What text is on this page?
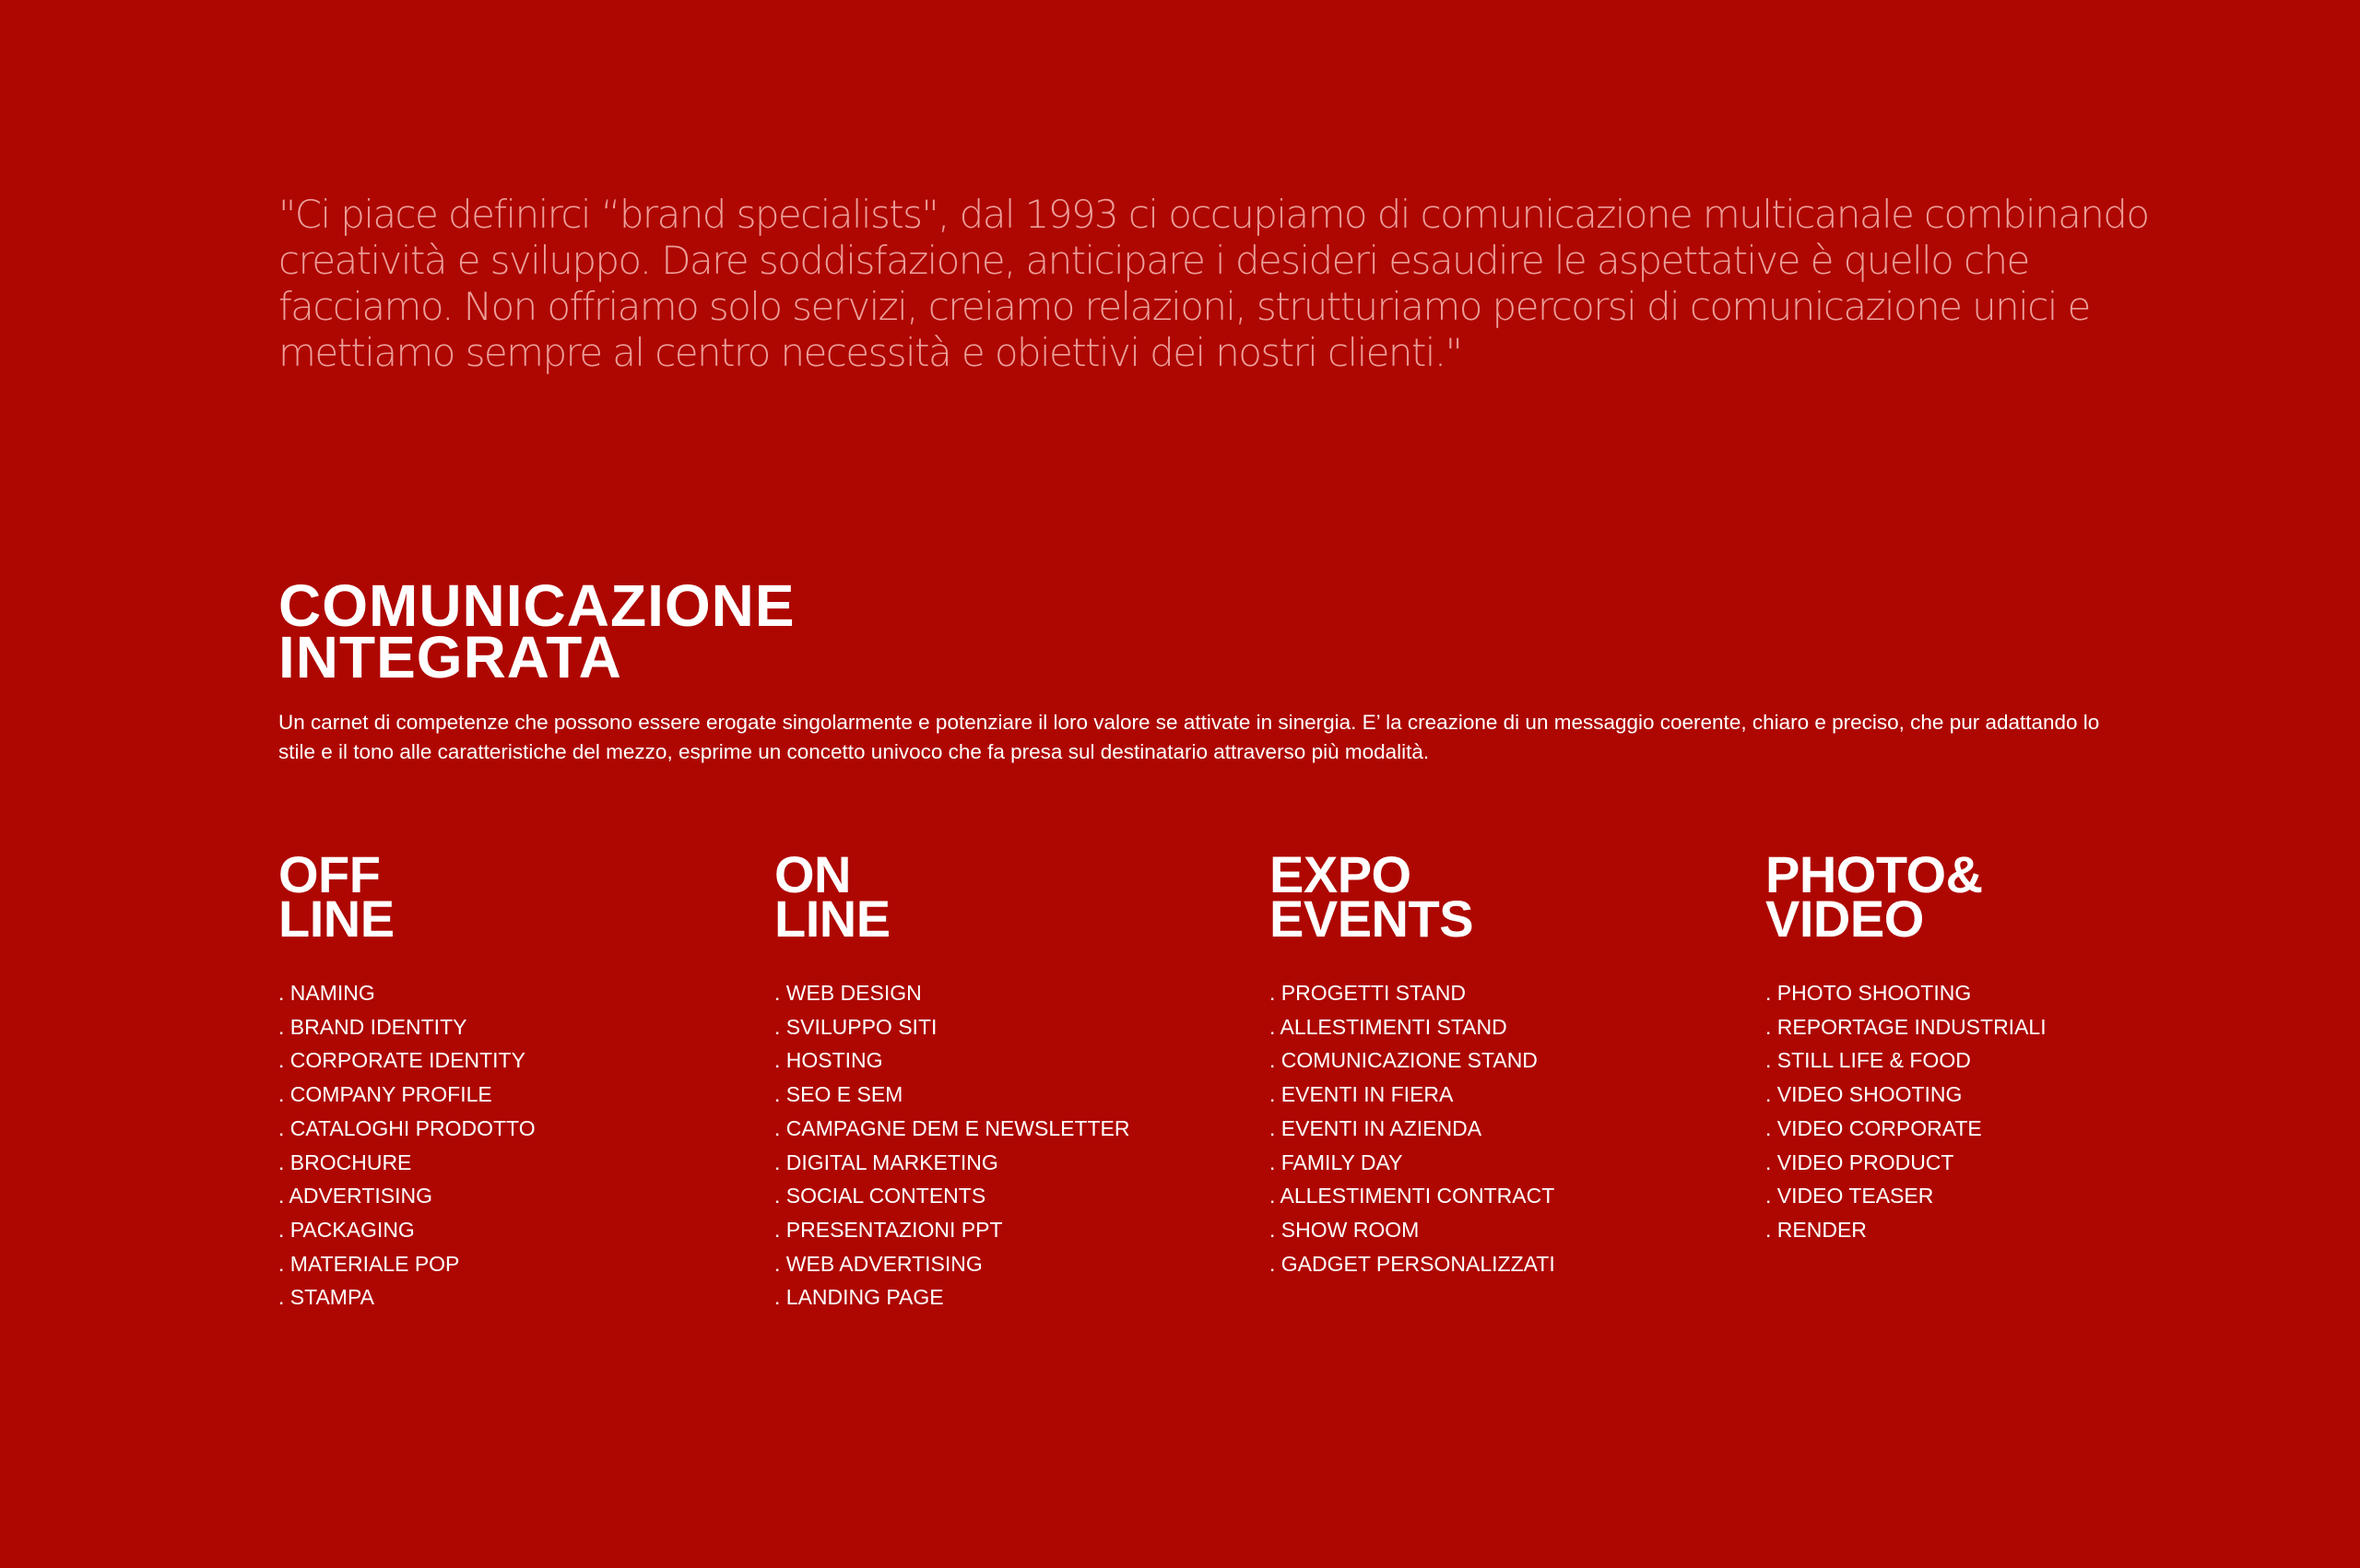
"Ci piace definirci “brand specialists", dal 1993 ci occupiamo di comunicazione multicanale combinando creatività e sviluppo. Dare soddisfazione, anticipare i desideri esaudire le aspettative è quello che facciamo. Non offriamo solo servizi, creiamo relazioni, strutturiamo percorsi di comunicazione unici e mettiamo sempre al centro necessità e obiettivi dei nostri clienti."

COMUNICAZIONE
INTEGRATA

Un carnet di competenze che possono essere erogate singolarmente e potenziare il loro valore se attivate in sinergia. E’ la creazione di un messaggio coerente, chiaro e preciso, che pur adattando lo stile e il tono alle caratteristiche del mezzo, esprime un concetto univoco che fa presa sul destinatario attraverso più modalità.

OFF
LINE
. NAMING
. BRAND IDENTITY
. CORPORATE IDENTITY
. COMPANY PROFILE
. CATALOGHI PRODOTTO
. BROCHURE
. ADVERTISING
. PACKAGING
. MATERIALE POP
. STAMPA
ON
LINE
. WEB DESIGN
. SVILUPPO SITI
. HOSTING
. SEO E SEM
. CAMPAGNE DEM E NEWSLETTER
. DIGITAL MARKETING
. SOCIAL CONTENTS
. PRESENTAZIONI PPT
. WEB ADVERTISING
. LANDING PAGE
EXPO
EVENTS
. PROGETTI STAND
. ALLESTIMENTI STAND
. COMUNICAZIONE STAND
. EVENTI IN FIERA
. EVENTI IN AZIENDA
. FAMILY DAY
. ALLESTIMENTI CONTRACT
. SHOW ROOM
. GADGET PERSONALIZZATI
PHOTO&
VIDEO
. PHOTO SHOOTING
. REPORTAGE INDUSTRIALI
. STILL LIFE & FOOD
. VIDEO SHOOTING
. VIDEO CORPORATE
. VIDEO PRODUCT
. VIDEO TEASER
. RENDER
